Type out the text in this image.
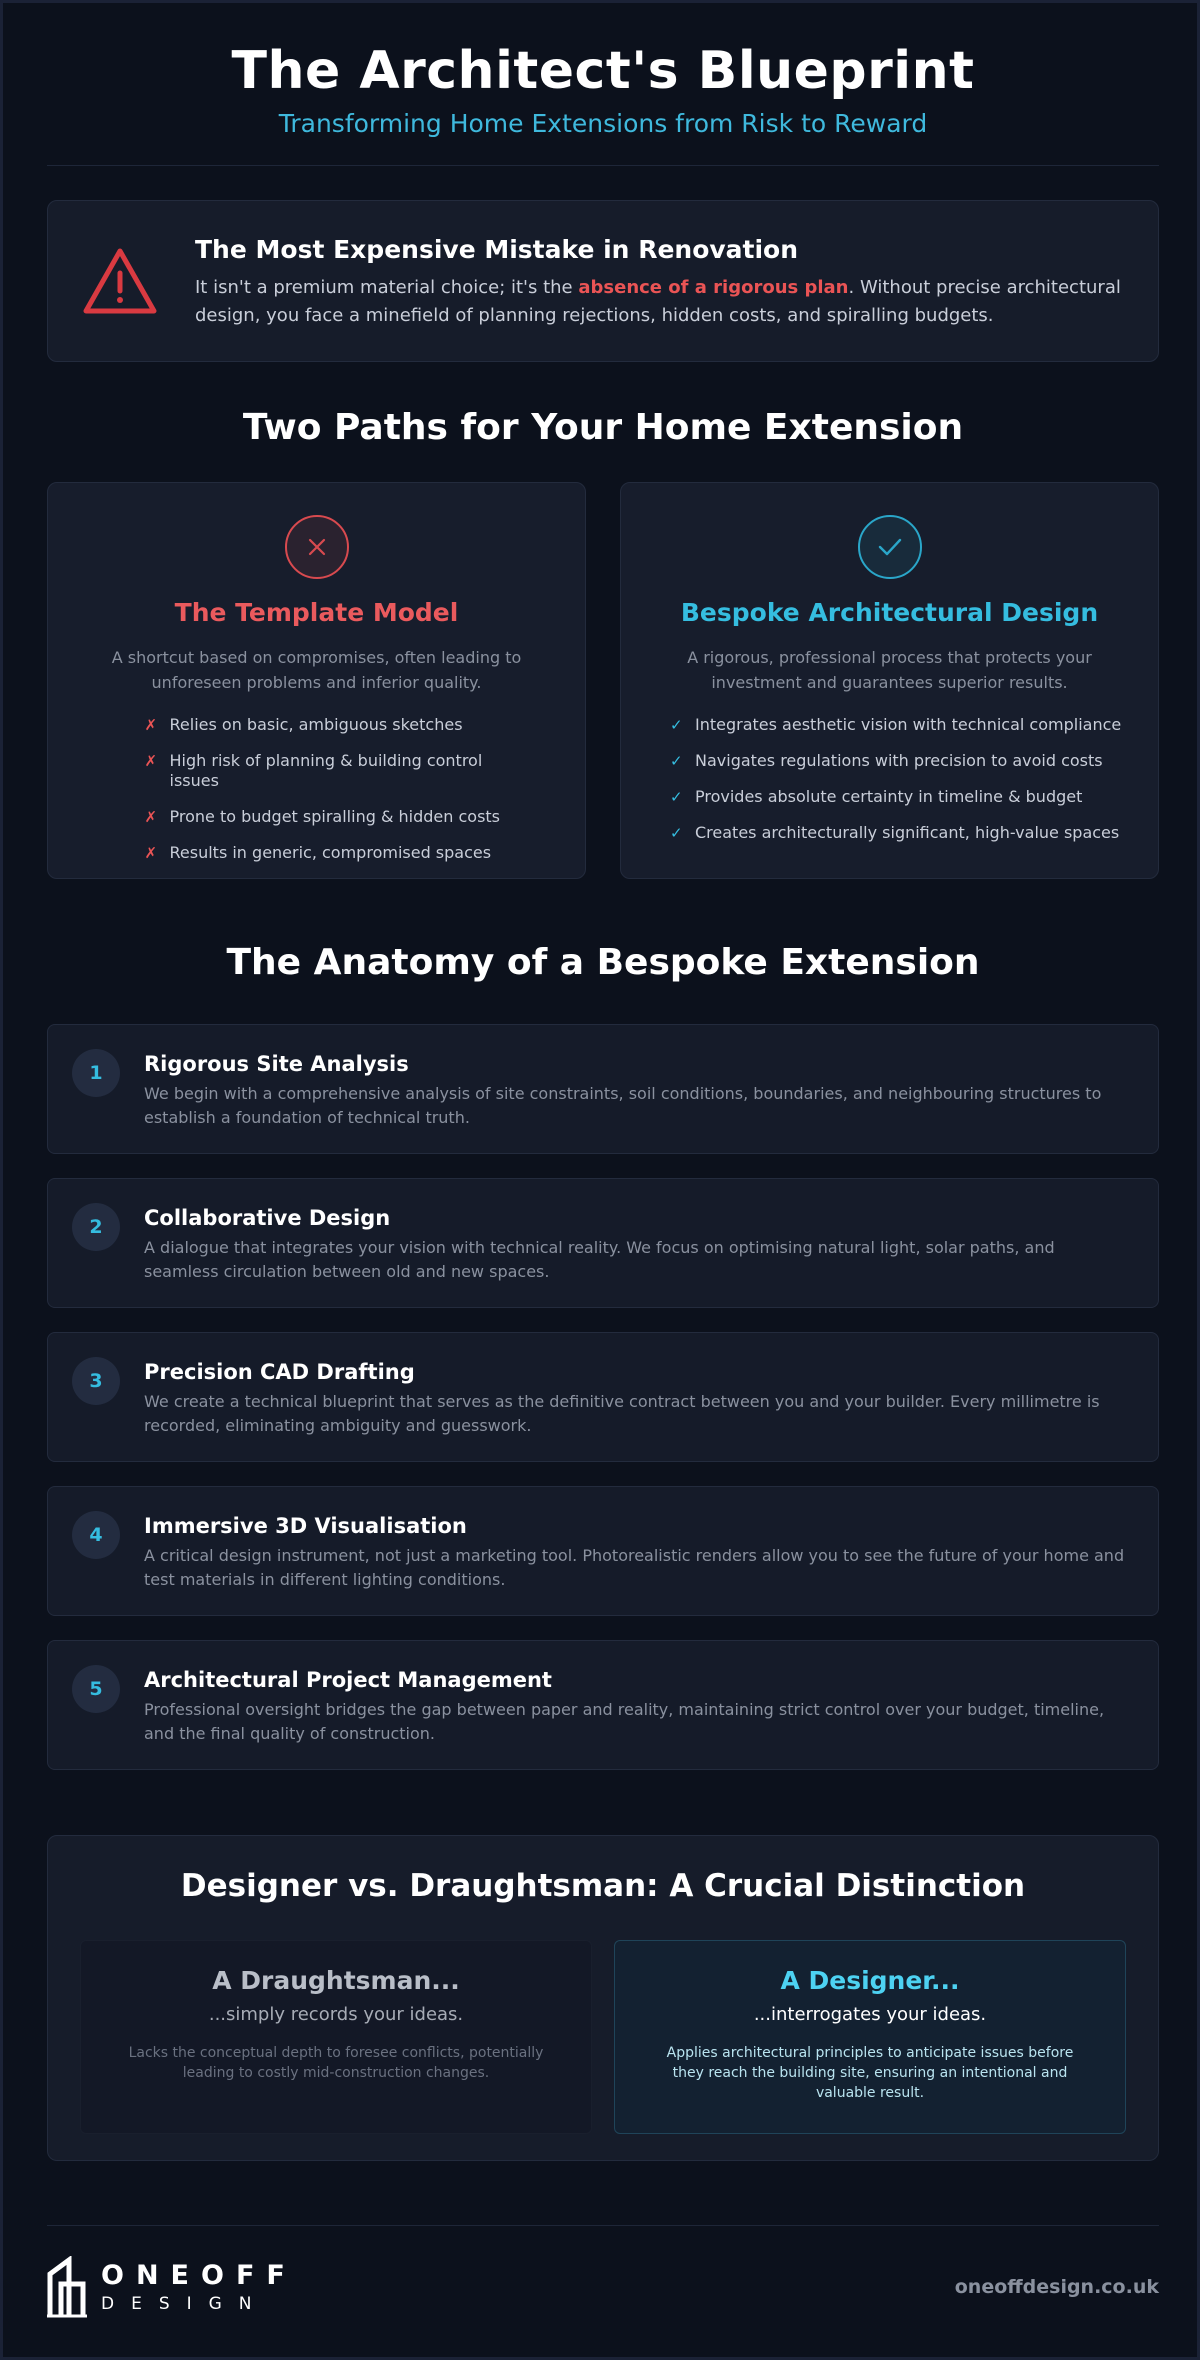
The Architect's Blueprint
Transforming Home Extensions from Risk to Reward
The Most Expensive Mistake in Renovation

It isn't a premium material choice; it's the absence of a rigorous plan. Without precise architectural design, you face a minefield of planning rejections, hidden costs, and spiralling budgets.

Two Paths for Your Home Extension
The Template Model
A shortcut based on compromises, often leading to unforeseen problems and inferior quality.
✗ Relies on basic, ambiguous sketches
✗ High risk of planning & building control issues
✗ Prone to budget spiralling & hidden costs
✗ Results in generic, compromised spaces
Bespoke Architectural Design
A rigorous, professional process that protects your investment and guarantees superior results.
✓ Integrates aesthetic vision with technical compliance
✓ Navigates regulations with precision to avoid costs
✓ Provides absolute certainty in timeline & budget
✓ Creates architecturally significant, high-value spaces
The Anatomy of a Bespoke Extension
1	Rigorous Site Analysis

We begin with a comprehensive analysis of site constraints, soil conditions, boundaries, and neighbouring structures to establish a foundation of technical truth.

2	Collaborative Design

A dialogue that integrates your vision with technical reality. We focus on optimising natural light, solar paths, and seamless circulation between old and new spaces.

3	Precision CAD Drafting

We create a technical blueprint that serves as the definitive contract between you and your builder. Every millimetre is recorded, eliminating ambiguity and guesswork.

4	Immersive 3D Visualisation

A critical design instrument, not just a marketing tool. Photorealistic renders allow you to see the future of your home and test materials in different lighting conditions.

5	Architectural Project Management

Professional oversight bridges the gap between paper and reality, maintaining strict control over your budget, timeline, and the final quality of construction.

Designer vs. Draughtsman: A Crucial Distinction
A Draughtsman...
...simply records your ideas.
Lacks the conceptual depth to foresee conflicts, potentially leading to costly mid-construction changes.
A Designer...
...interrogates your ideas.
Applies architectural principles to anticipate issues before they reach the building site, ensuring an intentional and valuable result.
ONEOFF
DESIGN
oneoffdesign.co.uk
